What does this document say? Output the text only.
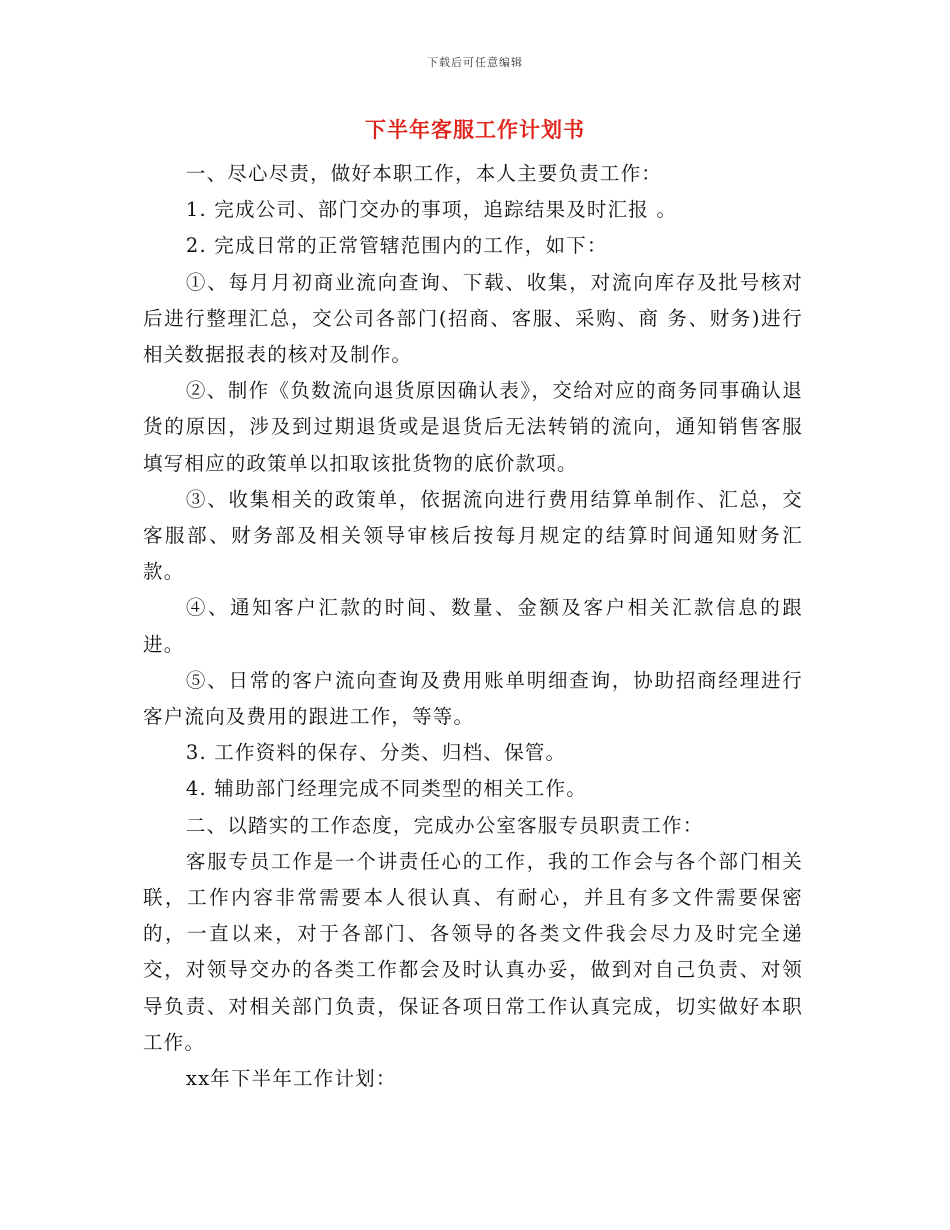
下载后可任意编辑
下半年客服工作计划书

一、尽心尽责，做好本职工作，本人主要负责工作：

1. 完成公司、部门交办的事项，追踪结果及时汇报 。

2. 完成日常的正常管辖范围内的工作，如下：

①、每月月初商业流向查询、下载、收集，对流向库存及批号核对后进行整理汇总，交公司各部门(招商、客服、采购、商 务、财务)进行相关数据报表的核对及制作。

②、制作《负数流向退货原因确认表》，交给对应的商务同事确认退货的原因，涉及到过期退货或是退货后无法转销的流向，通知销售客服填写相应的政策单以扣取该批货物的底价款项。

③、收集相关的政策单，依据流向进行费用结算单制作、汇总，交客服部、财务部及相关领导审核后按每月规定的结算时间通知财务汇款。

④、通知客户汇款的时间、数量、金额及客户相关汇款信息的跟进。

⑤、日常的客户流向查询及费用账单明细查询，协助招商经理进行客户流向及费用的跟进工作，等等。

3. 工作资料的保存、分类、归档、保管。

4. 辅助部门经理完成不同类型的相关工作。

二、以踏实的工作态度，完成办公室客服专员职责工作：

客服专员工作是一个讲责任心的工作，我的工作会与各个部门相关联，工作内容非常需要本人很认真、有耐心，并且有多文件需要保密的，一直以来，对于各部门、各领导的各类文件我会尽力及时完全递交，对领导交办的各类工作都会及时认真办妥，做到对自己负责、对领导负责、对相关部门负责，保证各项日常工作认真完成，切实做好本职工作。

xx年下半年工作计划：
